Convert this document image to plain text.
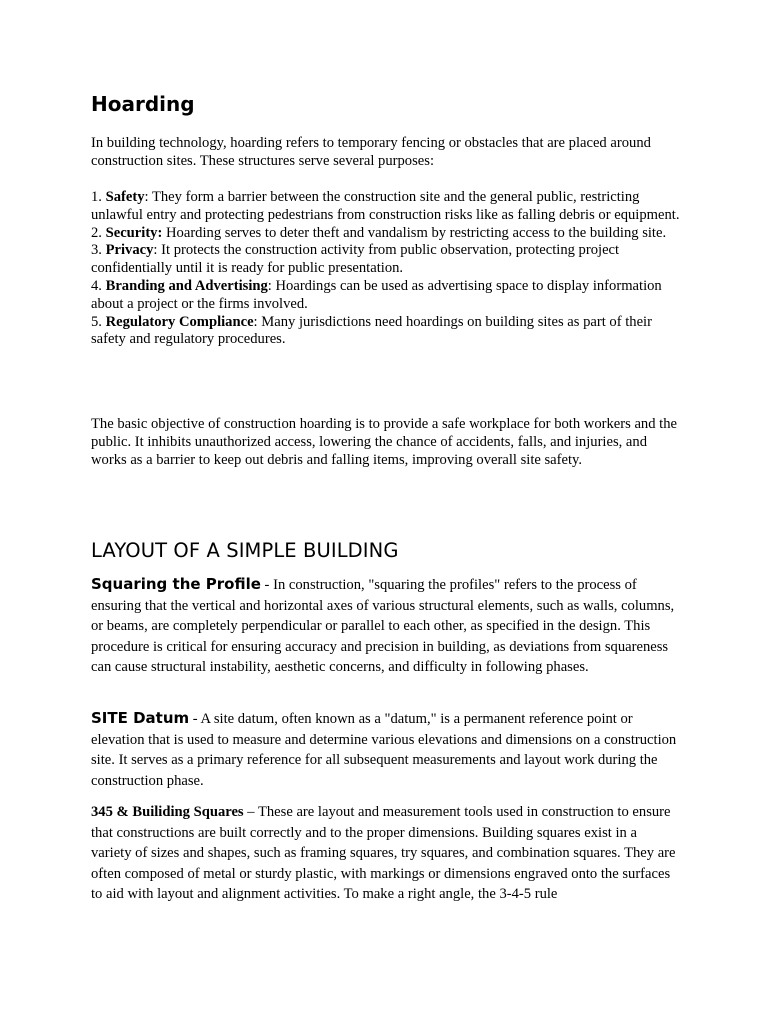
Hoarding

In building technology, hoarding refers to temporary fencing or obstacles that are placed around construction sites. These structures serve several purposes:

1. Safety: They form a barrier between the construction site and the general public, restricting unlawful entry and protecting pedestrians from construction risks like as falling debris or equipment.
2. Security: Hoarding serves to deter theft and vandalism by restricting access to the building site.
3. Privacy: It protects the construction activity from public observation, protecting project confidentially until it is ready for public presentation.
4. Branding and Advertising: Hoardings can be used as advertising space to display information about a project or the firms involved.
5. Regulatory Compliance: Many jurisdictions need hoardings on building sites as part of their safety and regulatory procedures.

The basic objective of construction hoarding is to provide a safe workplace for both workers and the public. It inhibits unauthorized access, lowering the chance of accidents, falls, and injuries, and works as a barrier to keep out debris and falling items, improving overall site safety.

LAYOUT OF A SIMPLE BUILDING

Squaring the Profile - In construction, "squaring the profiles" refers to the process of ensuring that the vertical and horizontal axes of various structural elements, such as walls, columns, or beams, are completely perpendicular or parallel to each other, as specified in the design. This procedure is critical for ensuring accuracy and precision in building, as deviations from squareness can cause structural instability, aesthetic concerns, and difficulty in following phases.

SITE Datum - A site datum, often known as a "datum," is a permanent reference point or elevation that is used to measure and determine various elevations and dimensions on a construction site. It serves as a primary reference for all subsequent measurements and layout work during the construction phase.

345 & Builiding Squares – These are layout and measurement tools used in construction to ensure that constructions are built correctly and to the proper dimensions. Building squares exist in a variety of sizes and shapes, such as framing squares, try squares, and combination squares. They are often composed of metal or sturdy plastic, with markings or dimensions engraved onto the surfaces to aid with layout and alignment activities. To make a right angle, the 3-4-5 rule
